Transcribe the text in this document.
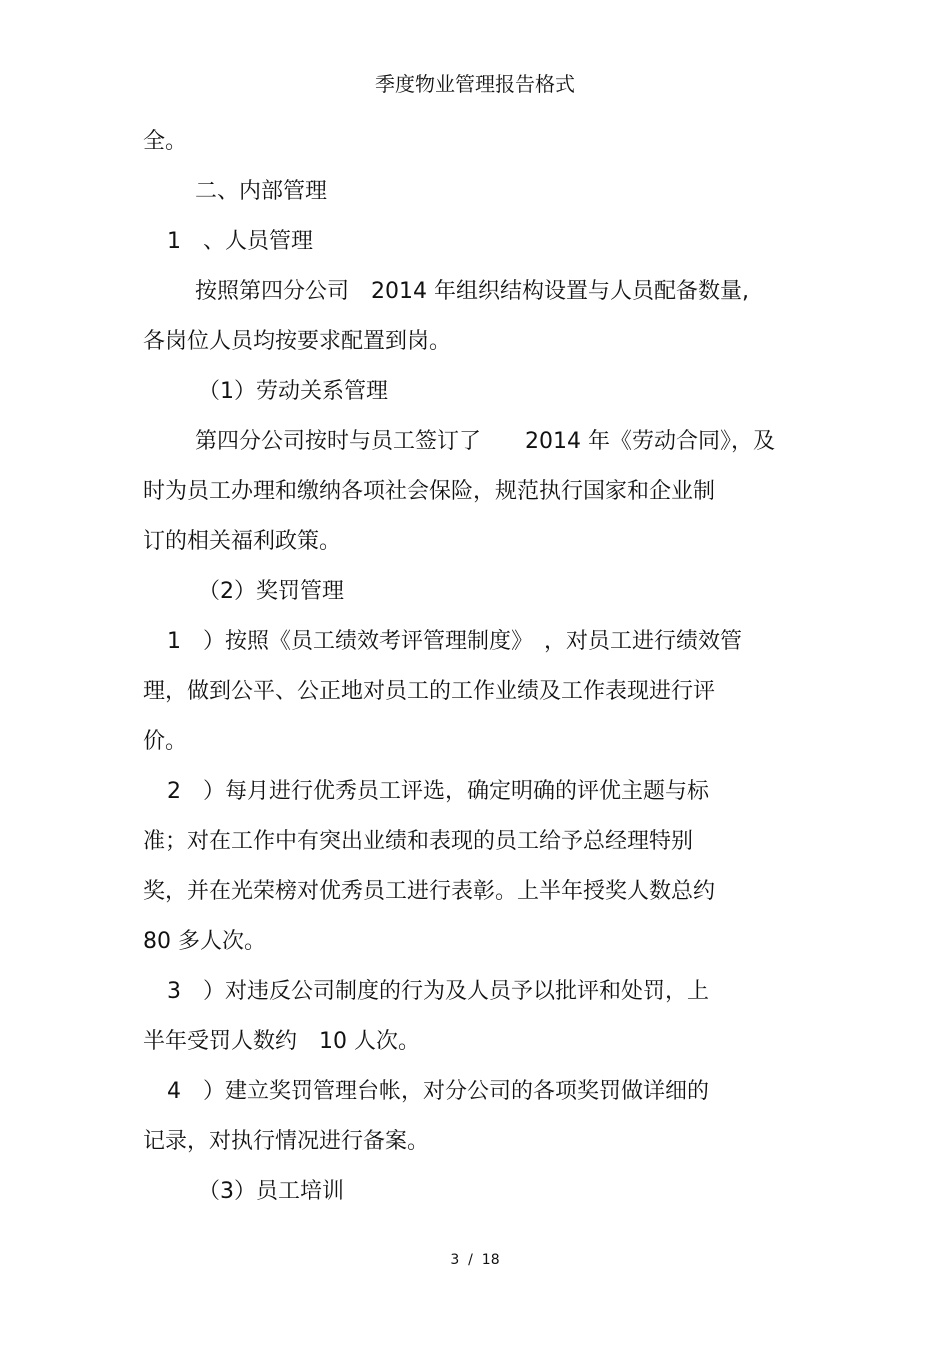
季度物业管理报告格式
全。
二、内部管理
1　、人员管理
按照第四分公司　2014 年组织结构设置与人员配备数量,
各岗位人员均按要求配置到岗。
（1）劳动关系管理
第四分公司按时与员工签订了　　2014 年《劳动合同》，及
时为员工办理和缴纳各项社会保险，规范执行国家和企业制
订的相关福利政策。
（2）奖罚管理
1　）按照《员工绩效考评管理制度》　，对员工进行绩效管
理，做到公平、公正地对员工的工作业绩及工作表现进行评
价。
2　）每月进行优秀员工评选，确定明确的评优主题与标
准；对在工作中有突出业绩和表现的员工给予总经理特别
奖，并在光荣榜对优秀员工进行表彰。上半年授奖人数总约
80 多人次。
3　）对违反公司制度的行为及人员予以批评和处罚，上
半年受罚人数约　10 人次。
4　）建立奖罚管理台帐，对分公司的各项奖罚做详细的
记录，对执行情况进行备案。
（3）员工培训
3  /  18
